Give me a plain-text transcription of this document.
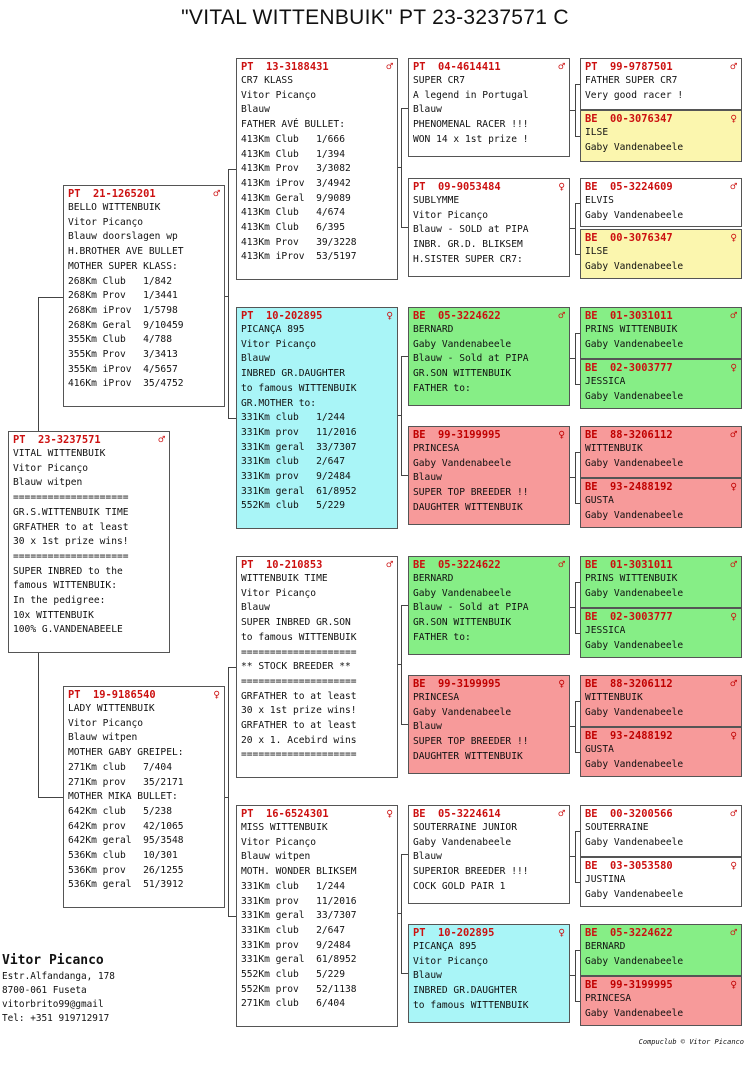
"VITAL WITTENBUIK" PT 23-3237571 C
PT  23-3237571	♂
VITAL WITTENBUIK
Vitor Picanço
Blauw witpen
====================
GR.S.WITTENBUIK TIME
GRFATHER to at least
30 x 1st prize wins!
====================
SUPER INBRED to the
famous WITTENBUIK:
In the pedigree:
10x WITTENBUIK
100% G.VANDENABEELE
PT  21-1265201	♂
BELLO WITTENBUIK
Vitor Picanço
Blauw doorslagen wp
H.BROTHER AVE BULLET
MOTHER SUPER KLASS:
268Km Club   1/842
268Km Prov   1/3441
268Km iProv  1/5798
268Km Geral  9/10459
355Km Club   4/788
355Km Prov   3/3413
355Km iProv  4/5657
416Km iProv  35/4752
PT  19-9186540	♀
LADY WITTENBUIK
Vitor Picanço
Blauw witpen
MOTHER GABY GREIPEL:
271Km club   7/404
271Km prov   35/2171
MOTHER MIKA BULLET:
642Km club   5/238
642Km prov   42/1065
642Km geral  95/3548
536Km club   10/301
536Km prov   26/1255
536Km geral  51/3912
PT  13-3188431	♂
CR7 KLASS
Vitor Picanço
Blauw
FATHER AVÉ BULLET:
413Km Club   1/666
413Km Club   1/394
413Km Prov   3/3082
413Km iProv  3/4942
413Km Geral  9/9089
413Km Club   4/674
413Km Club   6/395
413Km Prov   39/3228
413Km iProv  53/5197
PT  10-202895	♀
PICANÇA 895
Vitor Picanço
Blauw
INBRED GR.DAUGHTER
to famous WITTENBUIK
GR.MOTHER to:
331Km club   1/244
331Km prov   11/2016
331Km geral  33/7307
331Km club   2/647
331Km prov   9/2484
331Km geral  61/8952
552Km club   5/229
PT  10-210853	♂
WITTENBUIK TIME
Vitor Picanço
Blauw
SUPER INBRED GR.SON
to famous WITTENBUIK
====================
** STOCK BREEDER **
====================
GRFATHER to at least
30 x 1st prize wins!
GRFATHER to at least
20 x 1. Acebird wins
====================
PT  16-6524301	♀
MISS WITTENBUIK
Vitor Picanço
Blauw witpen
MOTH. WONDER BLIKSEM
331Km club   1/244
331Km prov   11/2016
331Km geral  33/7307
331Km club   2/647
331Km prov   9/2484
331Km geral  61/8952
552Km club   5/229
552Km prov   52/1138
271Km club   6/404
PT  04-4614411	♂
SUPER CR7
A legend in Portugal
Blauw
PHENOMENAL RACER !!!
WON 14 x 1st prize !
PT  09-9053484	♀
SUBLYMME
Vitor Picanço
Blauw - SOLD at PIPA
INBR. GR.D. BLIKSEM
H.SISTER SUPER CR7:
BE  05-3224622	♂
BERNARD
Gaby Vandenabeele
Blauw - Sold at PIPA
GR.SON WITTENBUIK
FATHER to:
BE  99-3199995	♀
PRINCESA
Gaby Vandenabeele
Blauw
SUPER TOP BREEDER !!
DAUGHTER WITTENBUIK
BE  05-3224622	♂
BERNARD
Gaby Vandenabeele
Blauw - Sold at PIPA
GR.SON WITTENBUIK
FATHER to:
BE  99-3199995	♀
PRINCESA
Gaby Vandenabeele
Blauw
SUPER TOP BREEDER !!
DAUGHTER WITTENBUIK
BE  05-3224614	♂
SOUTERRAINE JUNIOR
Gaby Vandenabeele
Blauw
SUPERIOR BREEDER !!!
COCK GOLD PAIR 1
PT  10-202895	♀
PICANÇA 895
Vitor Picanço
Blauw
INBRED GR.DAUGHTER
to famous WITTENBUIK
PT  99-9787501	♂
FATHER SUPER CR7
Very good racer !
BE  00-3076347	♀
ILSE
Gaby Vandenabeele
BE  05-3224609	♂
ELVIS
Gaby Vandenabeele
BE  00-3076347	♀
ILSE
Gaby Vandenabeele
BE  01-3031011	♂
PRINS WITTENBUIK
Gaby Vandenabeele
BE  02-3003777	♀
JESSICA
Gaby Vandenabeele
BE  88-3206112	♂
WITTENBUIK
Gaby Vandenabeele
BE  93-2488192	♀
GUSTA
Gaby Vandenabeele
BE  01-3031011	♂
PRINS WITTENBUIK
Gaby Vandenabeele
BE  02-3003777	♀
JESSICA
Gaby Vandenabeele
BE  88-3206112	♂
WITTENBUIK
Gaby Vandenabeele
BE  93-2488192	♀
GUSTA
Gaby Vandenabeele
BE  00-3200566	♂
SOUTERRAINE
Gaby Vandenabeele
BE  03-3053580	♀
JUSTINA
Gaby Vandenabeele
BE  05-3224622	♂
BERNARD
Gaby Vandenabeele
BE  99-3199995	♀
PRINCESA
Gaby Vandenabeele
Vitor Picanco
Estr.Alfandanga, 178
8700-061 Fuseta
vitorbrito99@gmail
Tel: +351 919712917
Compuclub © Vitor Picanco
